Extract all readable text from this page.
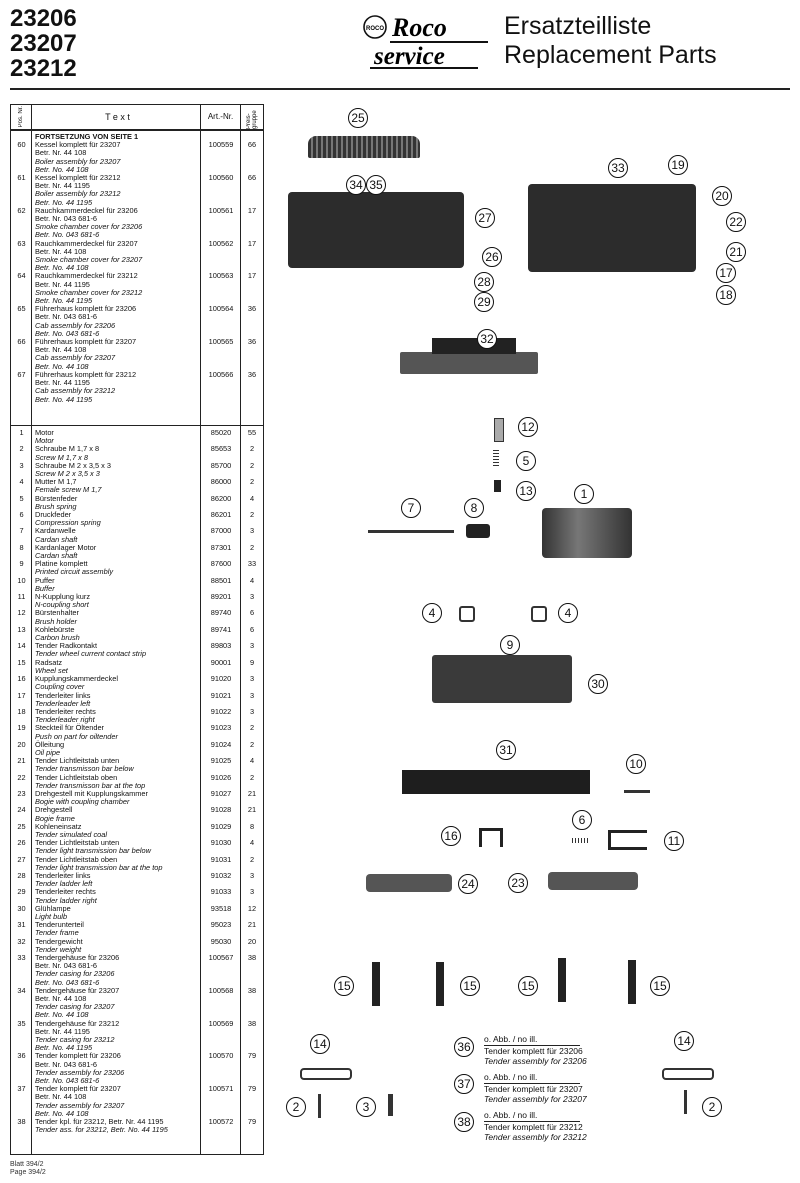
23206
23207
23212
ROCO Roco
service
Ersatzteilliste
Replacement Parts
Pos. Nr.	T e x t	Art.-Nr.	Preis-gruppe
FORTSETZUNG VON SEITE 1
60	Kessel komplett für 23207	100559	66
Betr. Nr. 44 108
Boiler assembly for 23207
Betr. No. 44 108
61	Kessel komplett für 23212	100560	66
Betr. Nr. 44 1195
Boiler assembly for 23212
Betr. No. 44 1195
62	Rauchkammerdeckel für 23206	100561	17
Betr. Nr. 043 681-6
Smoke chamber cover for 23206
Betr. No. 043 681-6
63	Rauchkammerdeckel für 23207	100562	17
Betr. Nr. 44 108
Smoke chamber cover for 23207
Betr. No. 44 108
64	Rauchkammerdeckel für 23212	100563	17
Betr. Nr. 44 1195
Smoke chamber cover for 23212
Betr. No. 44 1195
65	Führerhaus komplett für 23206	100564	36
Betr. Nr. 043 681-6
Cab assembly for 23206
Betr. No. 043 681-6
66	Führerhaus komplett für 23207	100565	36
Betr. Nr. 44 108
Cab assembly for 23207
Betr. No. 44 108
67	Führerhaus komplett für 23212	100566	36
Betr. Nr. 44 1195
Cab assembly for 23212
Betr. No. 44 1195
1	Motor	85020	55
Motor
2	Schraube M 1,7 x 8	85653	2
Screw M 1,7 x 8
3	Schraube M 2 x 3,5 x 3	85700	2
Screw M 2 x 3,5 x 3
4	Mutter M 1,7	86000	2
Female screw M 1,7
5	Bürstenfeder	86200	4
Brush spring
6	Druckfeder	86201	2
Compression spring
7	Kardanwelle	87000	3
Cardan shaft
8	Kardanlager Motor	87301	2
Cardan shaft
9	Platine komplett	87600	33
Printed circuit assembly
10	Puffer	88501	4
Buffer
11	N-Kupplung kurz	89201	3
N-coupling short
12	Bürstenhalter	89740	6
Brush holder
13	Kohlebürste	89741	6
Carbon brush
14	Tender Radkontakt	89803	3
Tender wheel current contact strip
15	Radsatz	90001	9
Wheel set
16	Kupplungskammerdeckel	91020	3
Coupling cover
17	Tenderleiter links	91021	3
Tenderleader left
18	Tenderleiter rechts	91022	3
Tenderleader right
19	Steckteil für Öltender	91023	2
Push on part for oiltender
20	Ölleitung	91024	2
Oil pipe
21	Tender Lichtleitstab unten	91025	4
Tender transmisson bar below
22	Tender Lichtleitstab oben	91026	2
Tender transmisson bar at the top
23	Drehgestell mit Kupplungskammer	91027	21
Bogie with coupling chamber
24	Drehgestell	91028	21
Bogie frame
25	Kohleneinsatz	91029	8
Tender simulated coal
26	Tender Lichtleitstab unten	91030	4
Tender light transmission bar below
27	Tender Lichtleitstab oben	91031	2
Tender light transmission bar at the top
28	Tenderleiter links	91032	3
Tender ladder left
29	Tenderleiter rechts	91033	3
Tender ladder right
30	Glühlampe	93518	12
Light bulb
31	Tenderunterteil	95023	21
Tender frame
32	Tendergewicht	95030	20
Tender weight
33	Tendergehäuse für 23206	100567	38
Betr. Nr. 043 681-6
Tender casing for 23206
Betr. No. 043 681-6
34	Tendergehäuse für 23207	100568	38
Betr. Nr. 44 108
Tender casing for 23207
Betr. No. 44 108
35	Tendergehäuse für 23212	100569	38
Betr. Nr. 44 1195
Tender casing for 23212
Betr. No. 44 1195
36	Tender komplett für 23206	100570	79
Betr. Nr. 043 681-6
Tender assembly for 23206
Betr. No. 043 681-6
37	Tender komplett für 23207	100571	79
Betr. Nr. 44 108
Tender assembly for 23207
Betr. No. 44 108
38	Tender kpl. für 23212, Betr. Nr. 44 1195	100572	79
Tender ass. for 23212, Betr. No. 44 1195
Blatt 394/2
Page 394/2
25
34 35
33	19
20
22
27
26	21
17
28
18
29
32
12
5
13	1
7	8
4	4
9
30
31
10
6
16	11
24	23
15	15	15	15
14	14
2	3	2
36
o. Abb. / no ill.
Tender komplett für 23206
Tender assembly for 23206
37	o. Abb. / no ill.
Tender komplett für 23207
Tender assembly for 23207
38	o. Abb. / no ill.
Tender komplett für 23212
Tender assembly for 23212
